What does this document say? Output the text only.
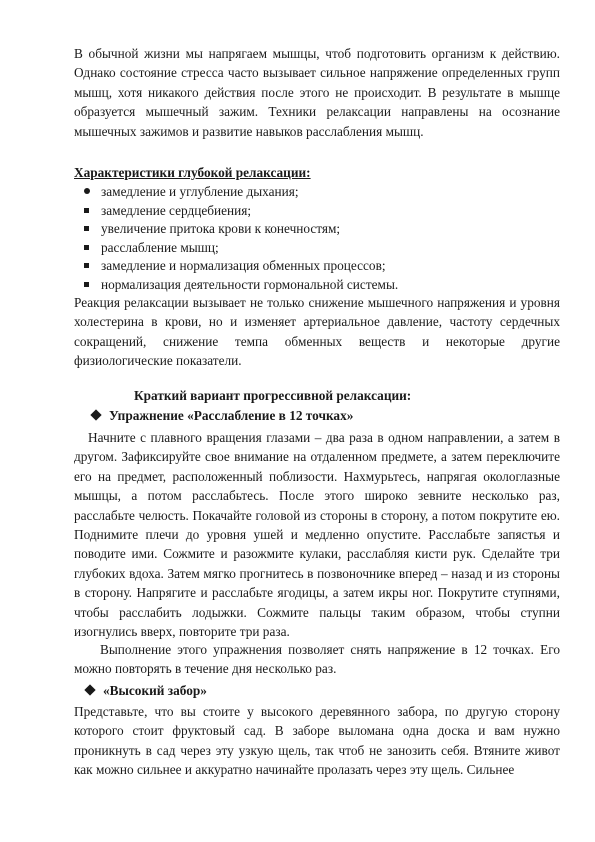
В обычной жизни мы напрягаем мышцы, чтоб подготовить организм к действию. Однако состояние стресса часто вызывает сильное напряжение определенных групп мышц, хотя никакого действия после этого не происходит. В результате в мышце образуется мышечный зажим. Техники релаксации направлены на осознание мышечных зажимов и развитие навыков расслабления мышц.
Характеристики глубокой релаксации:
замедление и углубление дыхания;
замедление сердцебиения;
увеличение притока крови к конечностям;
расслабление мышц;
замедление и нормализация обменных процессов;
нормализация деятельности гормональной системы.
Реакция релаксации вызывает не только снижение мышечного напряжения и уровня холестерина в крови, но и изменяет артериальное давление, частоту сердечных сокращений, снижение темпа обменных веществ и некоторые другие физиологические показатели.
Краткий вариант прогрессивной релаксации:
Упражнение «Расслабление в 12 точках»
Начните с плавного вращения глазами – два раза в одном направлении, а затем в другом. Зафиксируйте свое внимание на отдаленном предмете, а затем переключите его на предмет, расположенный поблизости. Нахмурьтесь, напрягая окологлазные мышцы, а потом расслабьтесь. После этого широко зевните несколько раз, расслабьте челюсть. Покачайте головой из стороны в сторону, а потом покрутите ею. Поднимите плечи до уровня ушей и медленно опустите. Расслабьте запястья и поводите ими. Сожмите и разожмите кулаки, расслабляя кисти рук. Сделайте три глубоких вдоха. Затем мягко прогнитесь в позвоночнике вперед – назад и из стороны в сторону. Напрягите и расслабьте ягодицы, а затем икры ног. Покрутите ступнями, чтобы расслабить лодыжки. Сожмите пальцы таким образом, чтобы ступни изогнулись вверх, повторите три раза.
Выполнение этого упражнения позволяет снять напряжение в 12 точках. Его можно повторять в течение дня несколько раз.
«Высокий забор»
Представьте, что вы стоите у высокого деревянного забора, по другую сторону которого стоит фруктовый сад. В заборе выломана одна доска и вам нужно проникнуть в сад через эту узкую щель, так чтоб не занозить себя. Втяните живот как можно сильнее и аккуратно начинайте пролазать через эту щель. Сильнее
